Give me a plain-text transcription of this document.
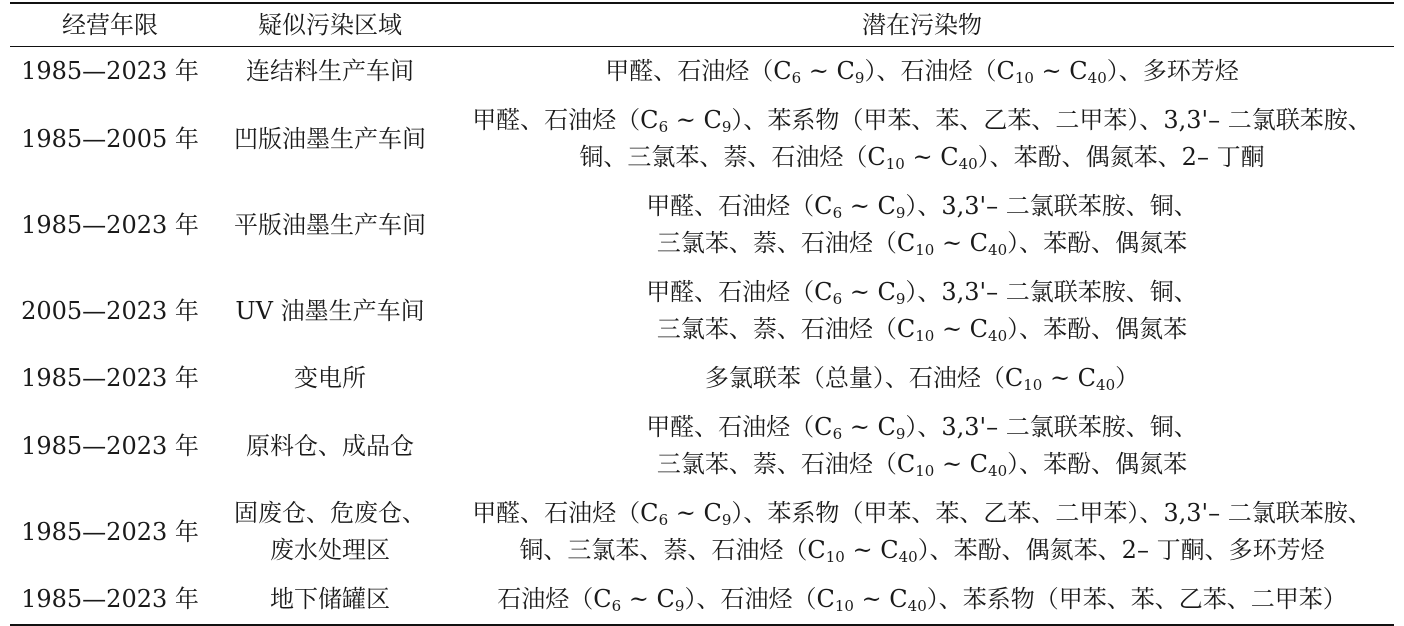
经营年限	疑似污染区域	潜在污染物
1985—2023 年	连结料生产车间	甲醛、石油烃（$C_6$ ~ $C_9$）、石油烃（$C_{10}$ ~ $C_{40}$）、多环芳烃

1985—2005 年	凹版油墨生产车间	甲醛、石油烃（$C_6$ ~ $C_9$）、苯系物（甲苯、苯、乙苯、二甲苯）、3,3'– 二氯联苯胺、
铜、三氯苯、萘、石油烃（$C_{10}$ ~ $C_{40}$）、苯酚、偶氮苯、2– 丁酮

1985—2023 年	平版油墨生产车间	甲醛、石油烃（$C_6$ ~ $C_9$）、3,3'– 二氯联苯胺、铜、
三氯苯、萘、石油烃（$C_{10}$ ~ $C_{40}$）、苯酚、偶氮苯

2005—2023 年	UV 油墨生产车间	甲醛、石油烃（$C_6$ ~ $C_9$）、3,3'– 二氯联苯胺、铜、
三氯苯、萘、石油烃（$C_{10}$ ~ $C_{40}$）、苯酚、偶氮苯

1985—2023 年	变电所	多氯联苯（总量）、石油烃（$C_{10}$ ~ $C_{40}$）

1985—2023 年	原料仓、成品仓	甲醛、石油烃（$C_6$ ~ $C_9$）、3,3'– 二氯联苯胺、铜、
三氯苯、萘、石油烃（$C_{10}$ ~ $C_{40}$）、苯酚、偶氮苯

1985—2023 年	固废仓、危废仓、
废水处理区	甲醛、石油烃（$C_6$ ~ $C_9$）、苯系物（甲苯、苯、乙苯、二甲苯）、3,3'– 二氯联苯胺、
铜、三氯苯、萘、石油烃（$C_{10}$ ~ $C_{40}$）、苯酚、偶氮苯、2– 丁酮、多环芳烃

1985—2023 年	地下储罐区	石油烃（$C_6$ ~ $C_9$）、石油烃（$C_{10}$ ~ $C_{40}$）、苯系物（甲苯、苯、乙苯、二甲苯）
